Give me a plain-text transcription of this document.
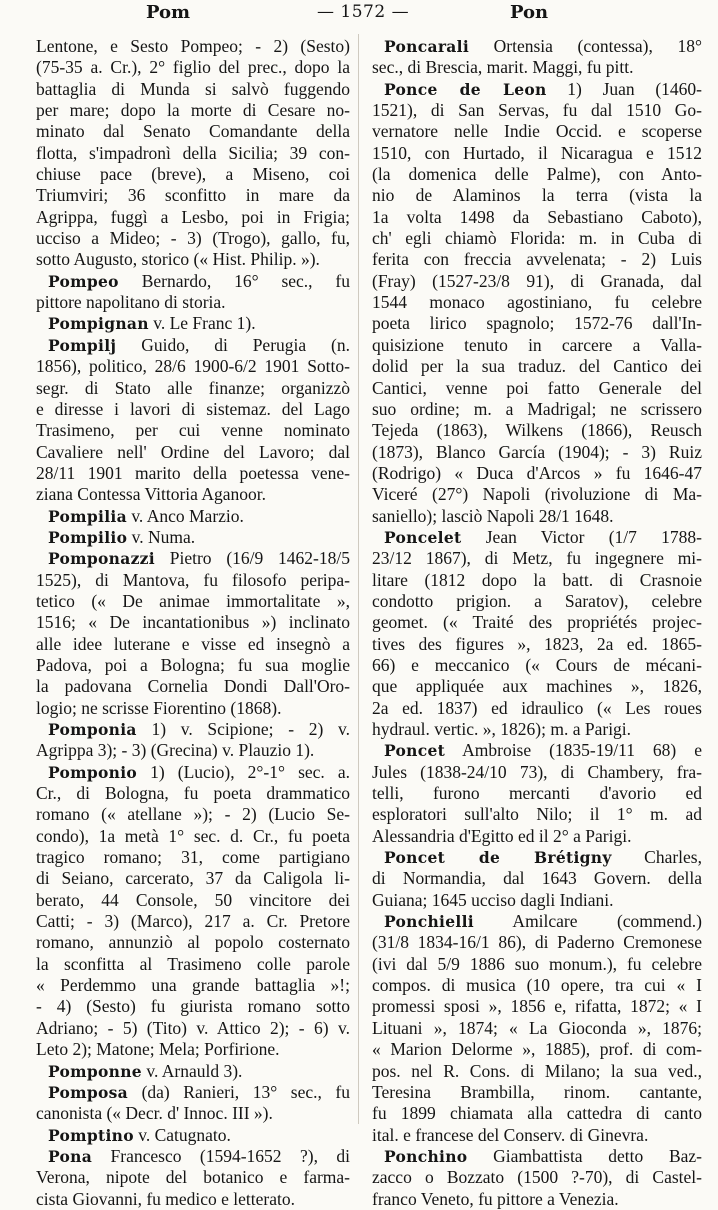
Pom	— 1572 —	Pon
Lentone, e Sesto Pompeo; - 2) (Sesto)
(75-35 a. Cr.), 2° figlio del prec., dopo la
battaglia di Munda si salvò fuggendo
per mare; dopo la morte di Cesare no-
minato dal Senato Comandante della
flotta, s'impadronì della Sicilia; 39 con-
chiuse pace (breve), a Miseno, coi
Triumviri; 36 sconfitto in mare da
Agrippa, fuggì a Lesbo, poi in Frigia;
ucciso a Mideo; - 3) (Trogo), gallo, fu,
sotto Augusto, storico (« Hist. Philip. »).
Pompeo Bernardo, 16° sec., fu
pittore napolitano di storia.
Pompignan v. Le Franc 1).
Pompilj Guido, di Perugia (n.
1856), politico, 28/6 1900-6/2 1901 Sotto-
segr. di Stato alle finanze; organizzò
e diresse i lavori di sistemaz. del Lago
Trasimeno, per cui venne nominato
Cavaliere nell' Ordine del Lavoro; dal
28/11 1901 marito della poetessa vene-
ziana Contessa Vittoria Aganoor.
Pompilia v. Anco Marzio.
Pompilio v. Numa.
Pomponazzi Pietro (16/9 1462-18/5
1525), di Mantova, fu filosofo peripa-
tetico (« De animae immortalitate »,
1516; « De incantationibus ») inclinato
alle idee luterane e visse ed insegnò a
Padova, poi a Bologna; fu sua moglie
la padovana Cornelia Dondi Dall'Oro-
logio; ne scrisse Fiorentino (1868).
Pomponia 1) v. Scipione; - 2) v.
Agrippa 3); - 3) (Grecina) v. Plauzio 1).
Pomponio 1) (Lucio), 2°-1° sec. a.
Cr., di Bologna, fu poeta drammatico
romano (« atellane »); - 2) (Lucio Se-
condo), 1a metà 1° sec. d. Cr., fu poeta
tragico romano; 31, come partigiano
di Seiano, carcerato, 37 da Caligola li-
berato, 44 Console, 50 vincitore dei
Catti; - 3) (Marco), 217 a. Cr. Pretore
romano, annunziò al popolo costernato
la sconfitta al Trasimeno colle parole
« Perdemmo una grande battaglia »!;
- 4) (Sesto) fu giurista romano sotto
Adriano; - 5) (Tito) v. Attico 2); - 6) v.
Leto 2); Matone; Mela; Porfirione.
Pomponne v. Arnauld 3).
Pomposa (da) Ranieri, 13° sec., fu
canonista (« Decr. d' Innoc. III »).
Pomptino v. Catugnato.
Pona Francesco (1594-1652 ?), di
Verona, nipote del botanico e farma-
cista Giovanni, fu medico e letterato.
Poncarali Ortensia (contessa), 18°
sec., di Brescia, marit. Maggi, fu pitt.
Ponce de Leon 1) Juan (1460-
1521), di San Servas, fu dal 1510 Go-
vernatore nelle Indie Occid. e scoperse
1510, con Hurtado, il Nicaragua e 1512
(la domenica delle Palme), con Anto-
nio de Alaminos la terra (vista la
1a volta 1498 da Sebastiano Caboto),
ch' egli chiamò Florida: m. in Cuba di
ferita con freccia avvelenata; - 2) Luis
(Fray) (1527-23/8 91), di Granada, dal
1544 monaco agostiniano, fu celebre
poeta lirico spagnolo; 1572-76 dall'In-
quisizione tenuto in carcere a Valla-
dolid per la sua traduz. del Cantico dei
Cantici, venne poi fatto Generale del
suo ordine; m. a Madrigal; ne scrissero
Tejeda (1863), Wilkens (1866), Reusch
(1873), Blanco García (1904); - 3) Ruiz
(Rodrigo) « Duca d'Arcos » fu 1646-47
Viceré (27°) Napoli (rivoluzione di Ma-
saniello); lasciò Napoli 28/1 1648.
Poncelet Jean Victor (1/7 1788-
23/12 1867), di Metz, fu ingegnere mi-
litare (1812 dopo la batt. di Crasnoie
condotto prigion. a Saratov), celebre
geomet. (« Traité des propriétés projec-
tives des figures », 1823, 2a ed. 1865-
66) e meccanico (« Cours de mécani-
que appliquée aux machines », 1826,
2a ed. 1837) ed idraulico (« Les roues
hydraul. vertic. », 1826); m. a Parigi.
Poncet Ambroise (1835-19/11 68) e
Jules (1838-24/10 73), di Chambery, fra-
telli, furono mercanti d'avorio ed
esploratori sull'alto Nilo; il 1° m. ad
Alessandria d'Egitto ed il 2° a Parigi.
Poncet de Brétigny Charles,
di Normandia, dal 1643 Govern. della
Guiana; 1645 ucciso dagli Indiani.
Ponchielli Amilcare (commend.)
(31/8 1834-16/1 86), di Paderno Cremonese
(ivi dal 5/9 1886 suo monum.), fu celebre
compos. di musica (10 opere, tra cui « I
promessi sposi », 1856 e, rifatta, 1872; « I
Lituani », 1874; « La Gioconda », 1876;
« Marion Delorme », 1885), prof. di com-
pos. nel R. Cons. di Milano; la sua ved.,
Teresina Brambilla, rinom. cantante,
fu 1899 chiamata alla cattedra di canto
ital. e francese del Conserv. di Ginevra.
Ponchino Giambattista detto Baz-
zacco o Bozzato (1500 ?-70), di Castel-
franco Veneto, fu pittore a Venezia.
